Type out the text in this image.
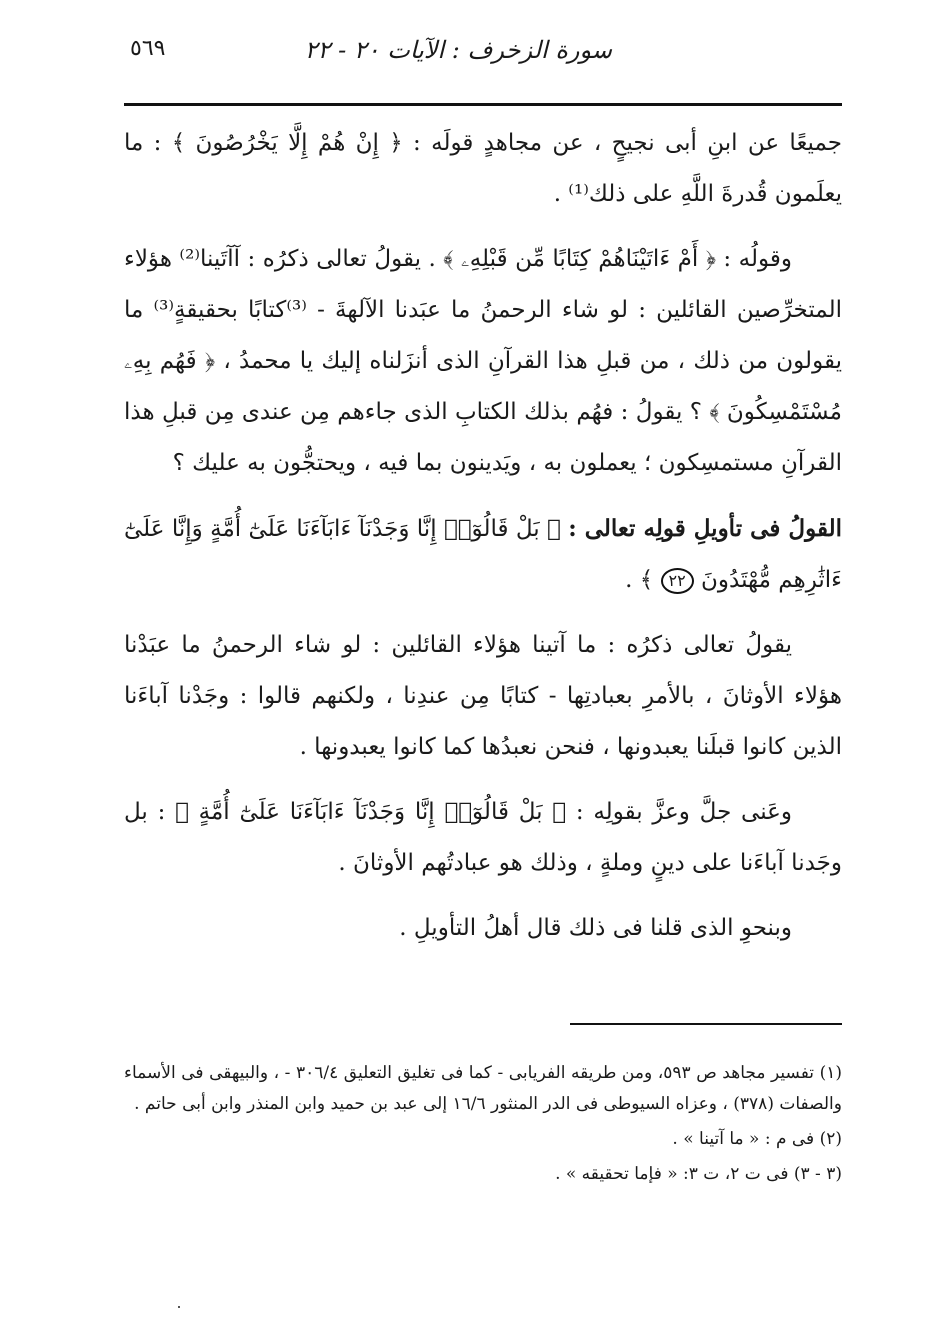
سورة الزخرف : الآيات ٢٠ - ٢٢
٥٦٩

جميعًا عن ابنِ أبى نجيحٍ ، عن مجاهدٍ قولَه : ﴿ إِنْ هُمْ إِلَّا يَخْرُصُونَ ﴾ : ما يعلَمون قُدرةَ اللَّهِ على ذلك⁽¹⁾ .

وقولُه : ﴿ أَمْ ءَاتَيْنَاهُمْ كِتَابًا مِّن قَبْلِهِۦ ﴾ . يقولُ تعالى ذكرُه : آآتَينا⁽²⁾ هؤلاء المتخرِّصين القائلين : لو شاء الرحمنُ ما عبَدنا الآلهةَ - ⁽³⁾كتابًا بحقيقةٍ⁽³⁾ ما يقولون من ذلك ، من قبلِ هذا القرآنِ الذى أنزَلناه إليك يا محمدُ ، ﴿ فَهُم بِهِۦ مُسْتَمْسِكُونَ ﴾ ؟ يقولُ : فهُم بذلك الكتابِ الذى جاءهم مِن عندى مِن قبلِ هذا القرآنِ مستمسِكون ؛ يعملون به ، ويَدينون بما فيه ، ويحتجُّون به عليك ؟

القولُ فى تأويلِ قولِه تعالى : ﴿ بَلْ قَالُوٓا۟ إِنَّا وَجَدْنَآ ءَابَآءَنَا عَلَىٰٓ أُمَّةٍ وَإِنَّا عَلَىٰٓ ءَاثَٰرِهِم مُّهْتَدُونَ ٢٢ ﴾ .

يقولُ تعالى ذكرُه : ما آتينا هؤلاء القائلين : لو شاء الرحمنُ ما عبَدْنا هؤلاء الأوثانَ ، بالأمرِ بعبادتِها - كتابًا مِن عندِنا ، ولكنهم قالوا : وجَدْنا آباءَنا الذين كانوا قبلَنا يعبدونها ، فنحن نعبدُها كما كانوا يعبدونها .

وعَنى جلَّ وعزَّ بقولِه : ﴿ بَلْ قَالُوٓا۟ إِنَّا وَجَدْنَآ ءَابَآءَنَا عَلَىٰٓ أُمَّةٍ ﴾ : بل وجَدنا آباءَنا على دينٍ وملةٍ ، وذلك هو عبادتُهم الأوثانَ .

وبنحوِ الذى قلنا فى ذلك قال أهلُ التأويلِ .

(١) تفسير مجاهد ص ٥٩٣، ومن طريقه الفريابى - كما فى تغليق التعليق ٣٠٦/٤ - ، والبيهقى فى الأسماء والصفات (٣٧٨) ، وعزاه السيوطى فى الدر المنثور ١٦/٦ إلى عبد بن حميد وابن المنذر وابن أبى حاتم .

(٢) فى م : « ما آتينا » .

(٣ - ٣) فى ت ٢، ت ٣: « فإما تحقيقه » .
